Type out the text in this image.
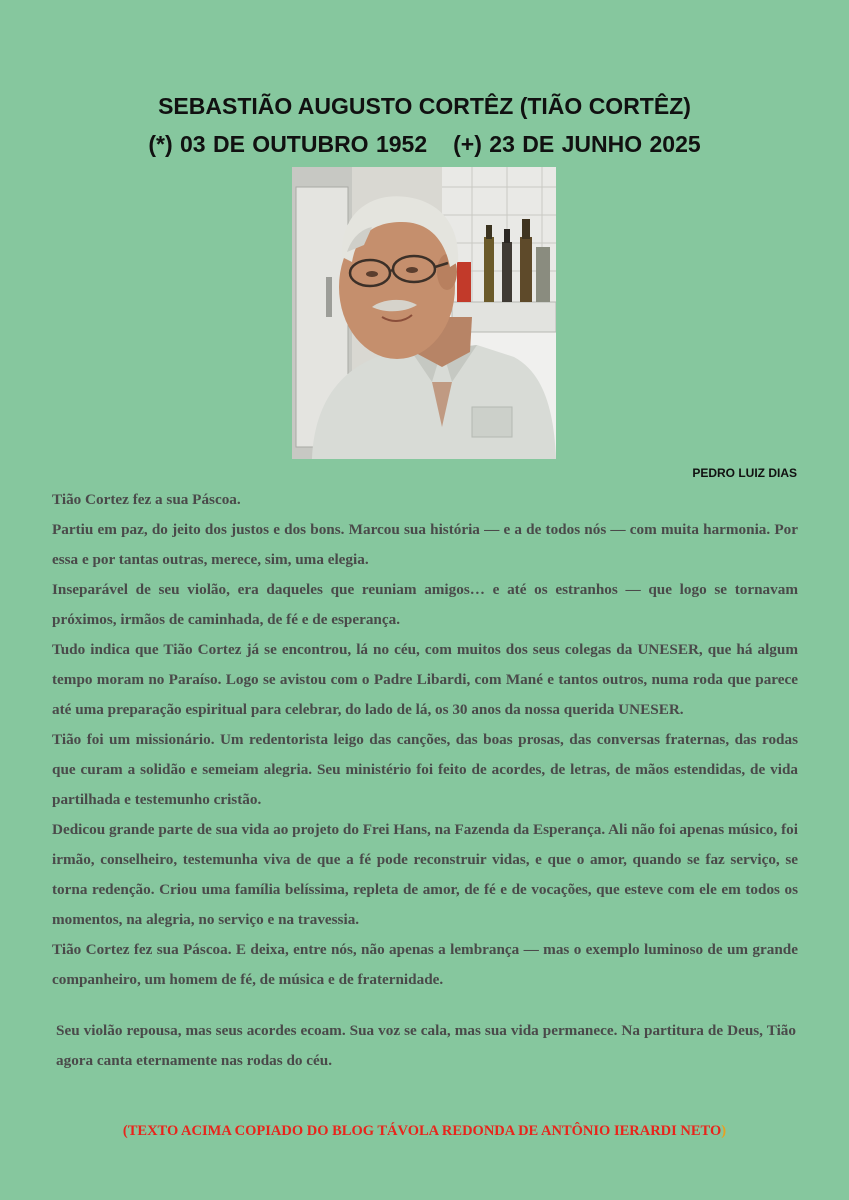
SEBASTIÃO AUGUSTO CORTÊZ (TIÃO CORTÊZ)
(*) 03 DE OUTUBRO 1952 (+) 23 DE JUNHO 2025

PEDRO LUIZ DIAS

Tião Cortez fez a sua Páscoa.

Partiu em paz, do jeito dos justos e dos bons. Marcou sua história — e a de todos nós — com muita harmonia. Por essa e por tantas outras, merece, sim, uma elegia.

Inseparável de seu violão, era daqueles que reuniam amigos… e até os estranhos — que logo se tornavam próximos, irmãos de caminhada, de fé e de esperança.

Tudo indica que Tião Cortez já se encontrou, lá no céu, com muitos dos seus colegas da UNESER, que há algum tempo moram no Paraíso. Logo se avistou com o Padre Libardi, com Mané e tantos outros, numa roda que parece até uma preparação espiritual para celebrar, do lado de lá, os 30 anos da nossa querida UNESER.

Tião foi um missionário. Um redentorista leigo das canções, das boas prosas, das conversas fraternas, das rodas que curam a solidão e semeiam alegria. Seu ministério foi feito de acordes, de letras, de mãos estendidas, de vida partilhada e testemunho cristão.

Dedicou grande parte de sua vida ao projeto do Frei Hans, na Fazenda da Esperança. Ali não foi apenas músico, foi irmão, conselheiro, testemunha viva de que a fé pode reconstruir vidas, e que o amor, quando se faz serviço, se torna redenção. Criou uma família belíssima, repleta de amor, de fé e de vocações, que esteve com ele em todos os momentos, na alegria, no serviço e na travessia.

Tião Cortez fez sua Páscoa. E deixa, entre nós, não apenas a lembrança — mas o exemplo luminoso de um grande companheiro, um homem de fé, de música e de fraternidade.

Seu violão repousa, mas seus acordes ecoam. Sua voz se cala, mas sua vida permanece. Na partitura de Deus, Tião agora canta eternamente nas rodas do céu.

(TEXTO ACIMA COPIADO DO BLOG TÁVOLA REDONDA DE ANTÔNIO IERARDI NETO)
